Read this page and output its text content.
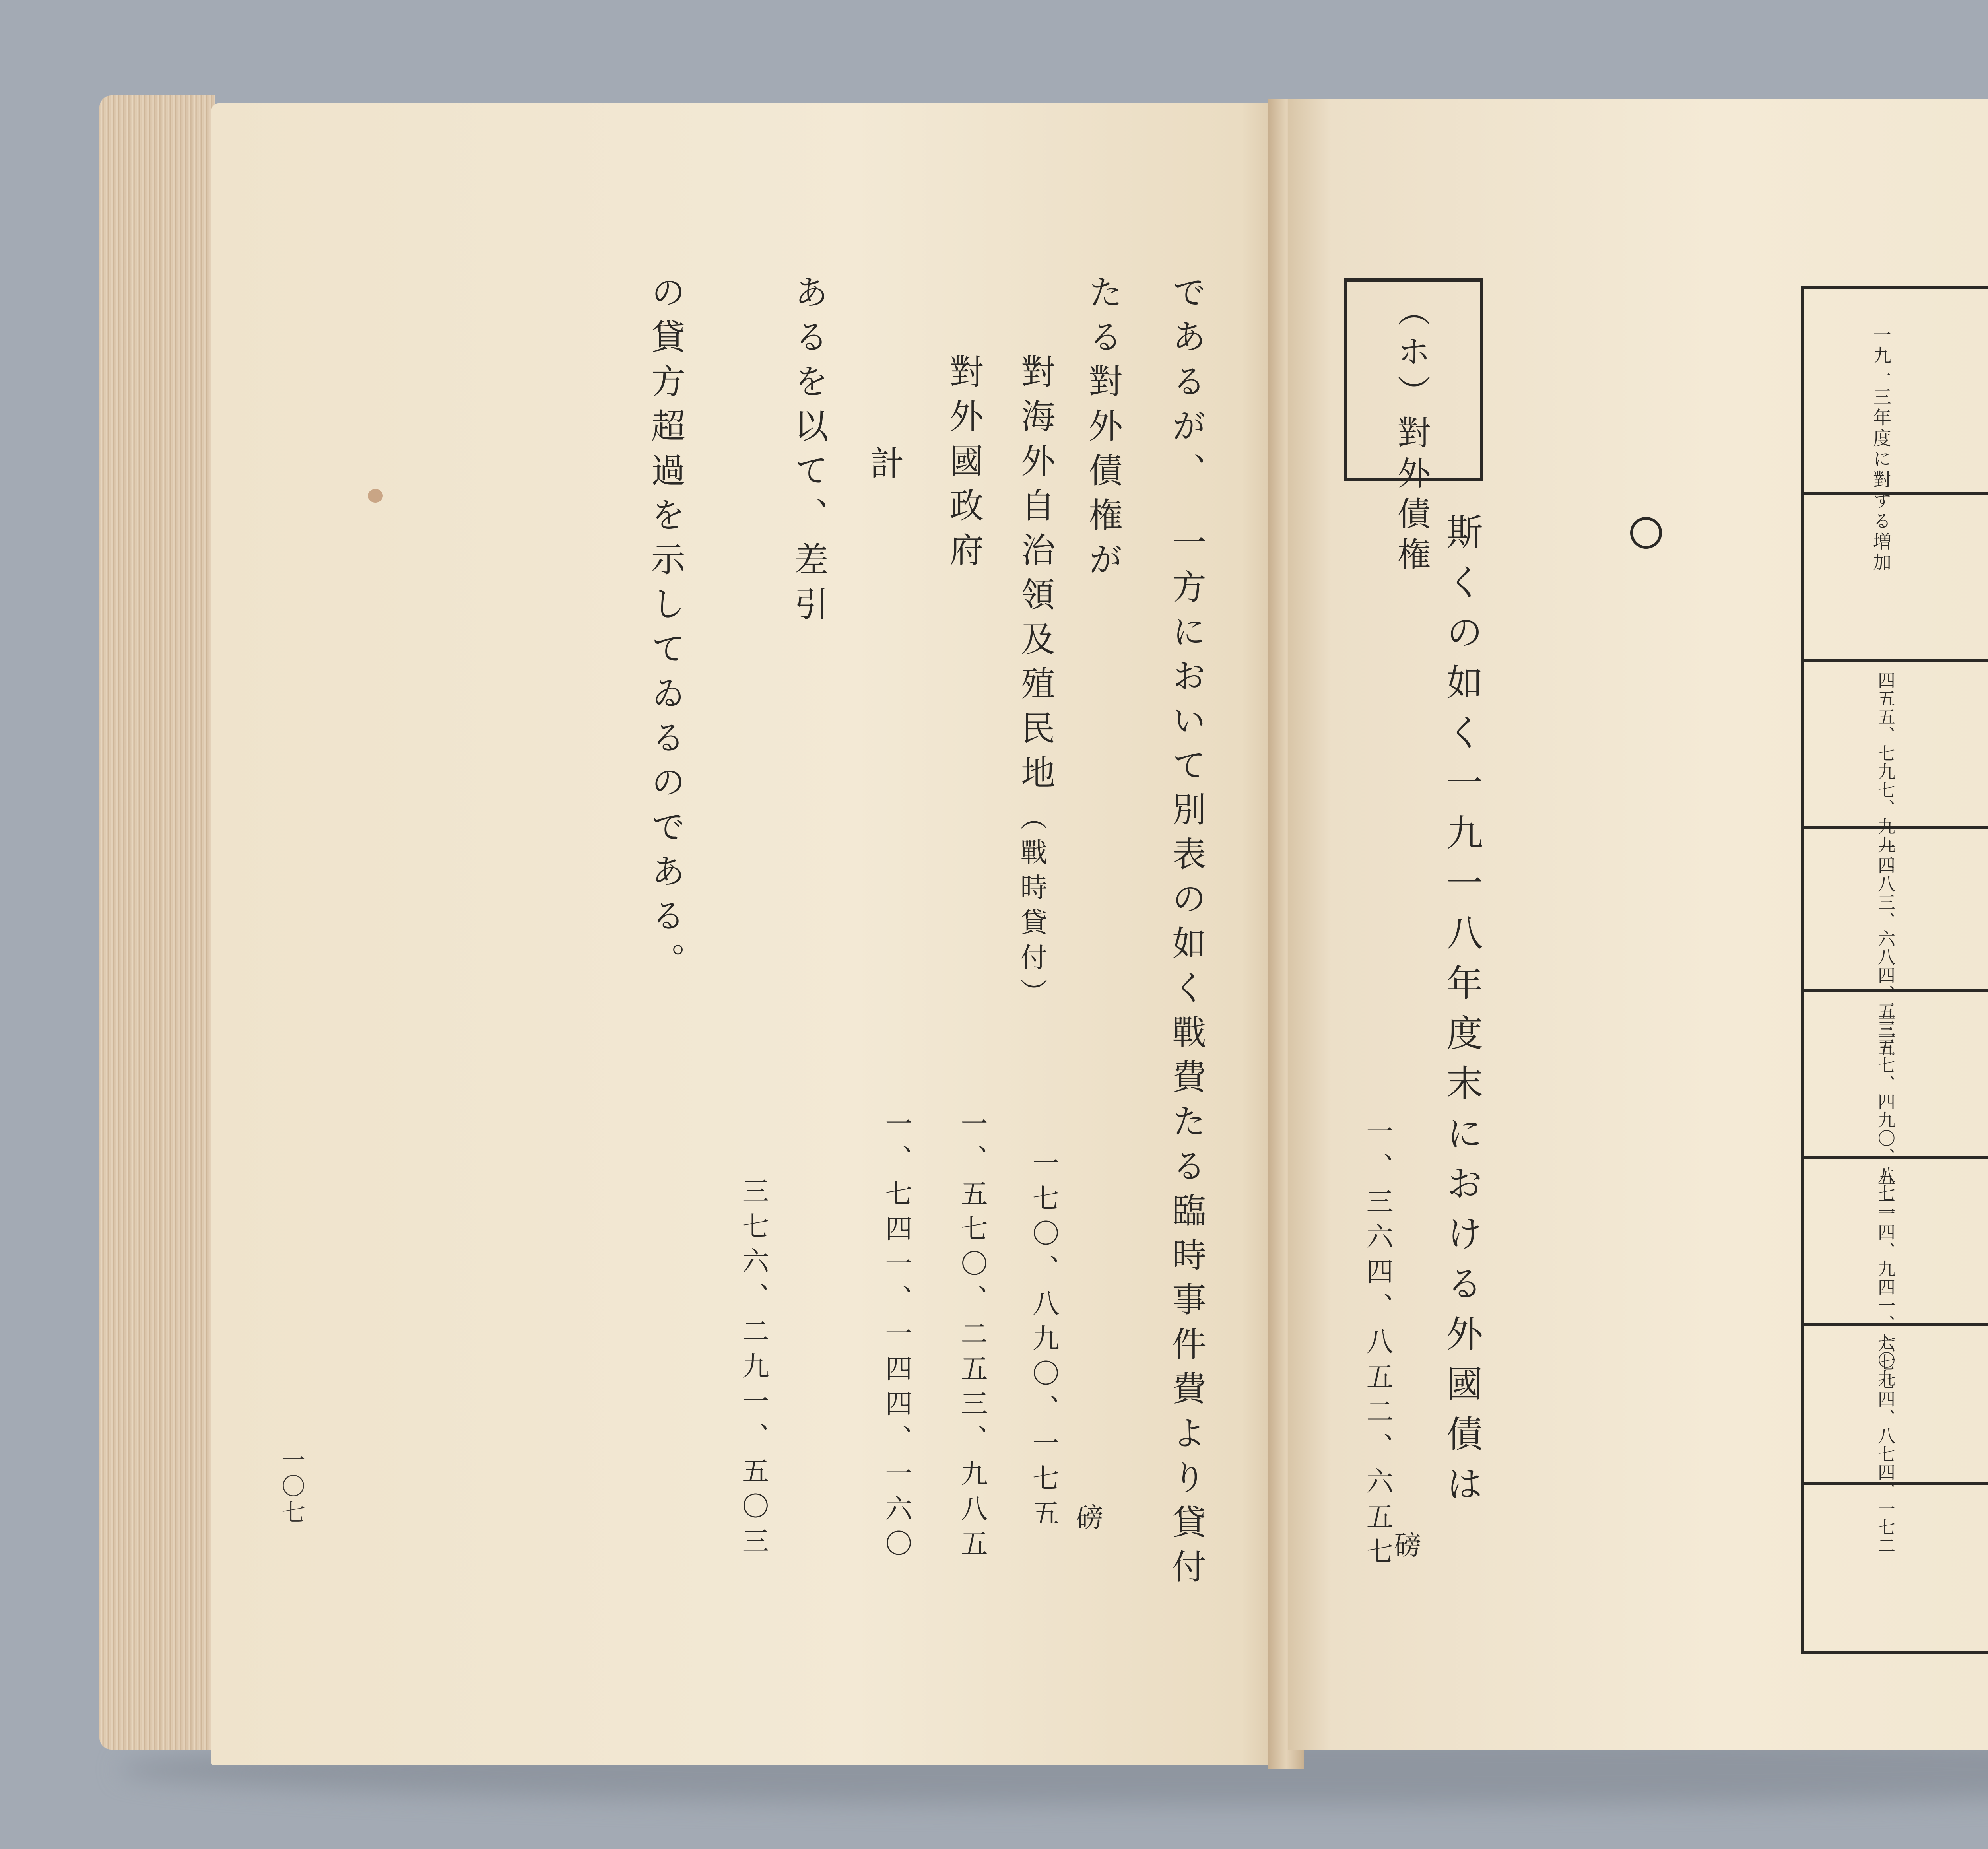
であるが、　一方において別表の如く戰費たる臨時事件費より貸付
たる對外債権が
對海外自治領及殖民地
（戰時貸付）
對外國政府
計
あるを以て、差引
の貸方超過を示してゐるのである。
一七〇、八九〇、一七五
一、五七〇、二五三、九八五
一、七四一、一四四、一六〇
三七六、二九一、五〇三	磅
一〇七
（ホ）對外債権
斯くの如く一九一八年度末における外國債は
一、三六四、八五二、六五七
磅
一九一三年度に對する増加
四五五、七九七、九九二
一四八三、六八四、五三五
三三五七、四九〇、八七一
五二一四、九四一、七〇九
六七七四、八七四、一七二
